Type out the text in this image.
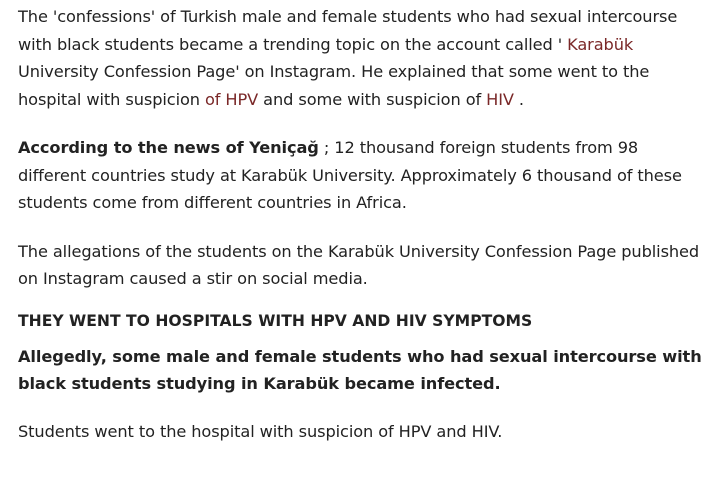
The 'confessions' of Turkish male and female students who had sexual intercourse with black students became a trending topic on the account called ' Karabük University Confession Page' on Instagram. He explained that some went to the hospital with suspicion of HPV and some with suspicion of HIV .

According to the news of Yeniçağ ; 12 thousand foreign students from 98 different countries study at Karabük University. Approximately 6 thousand of these students come from different countries in Africa.

The allegations of the students on the Karabük University Confession Page published on Instagram caused a stir on social media.

THEY WENT TO HOSPITALS WITH HPV AND HIV SYMPTOMS

Allegedly, some male and female students who had sexual intercourse with black students studying in Karabük became infected.

Students went to the hospital with suspicion of HPV and HIV.
